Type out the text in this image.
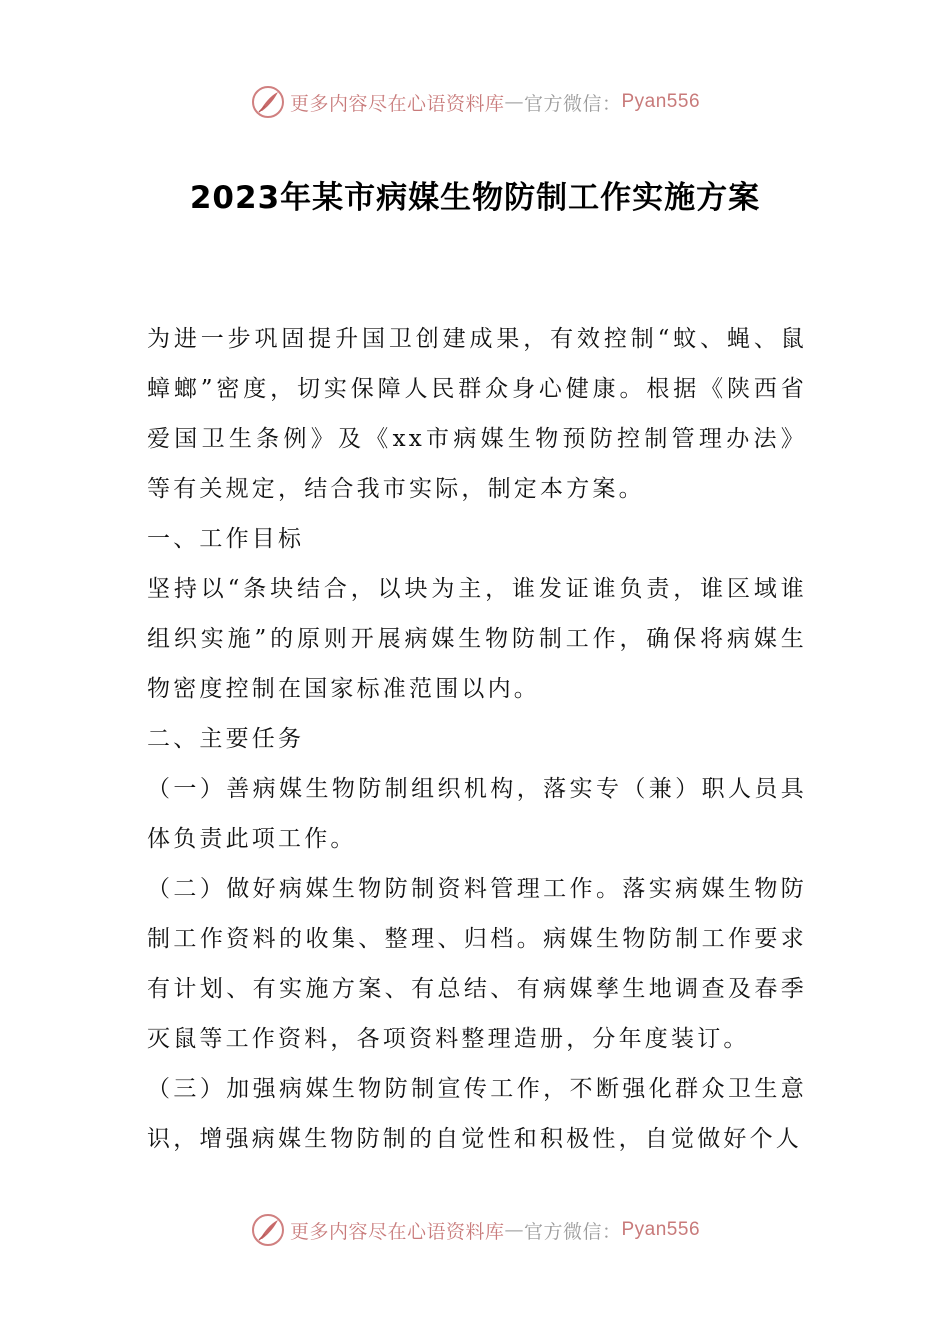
更多内容尽在心语资料库 — 官方微信： Pyan556
2023年某市病媒生物防制工作实施方案

为进一步巩固提升国卫创建成果，有效控制“蚊、蝇、鼠蟑螂”密度，切实保障人民群众身心健康。根据《陕西省爱国卫生条例》及《xx市病媒生物预防控制管理办法》等有关规定，结合我市实际，制定本方案。

一、工作目标

坚持以“条块结合，以块为主，谁发证谁负责，谁区域谁组织实施”的原则开展病媒生物防制工作，确保将病媒生物密度控制在国家标准范围以内。

二、主要任务

（一）善病媒生物防制组织机构，落实专（兼）职人员具体负责此项工作。

（二）做好病媒生物防制资料管理工作。落实病媒生物防制工作资料的收集、整理、归档。病媒生物防制工作要求有计划、有实施方案、有总结、有病媒孳生地调查及春季灭鼠等工作资料，各项资料整理造册，分年度装订。

（三）加强病媒生物防制宣传工作，不断强化群众卫生意识，增强病媒生物防制的自觉性和积极性，自觉做好个人

更多内容尽在心语资料库 — 官方微信： Pyan556
